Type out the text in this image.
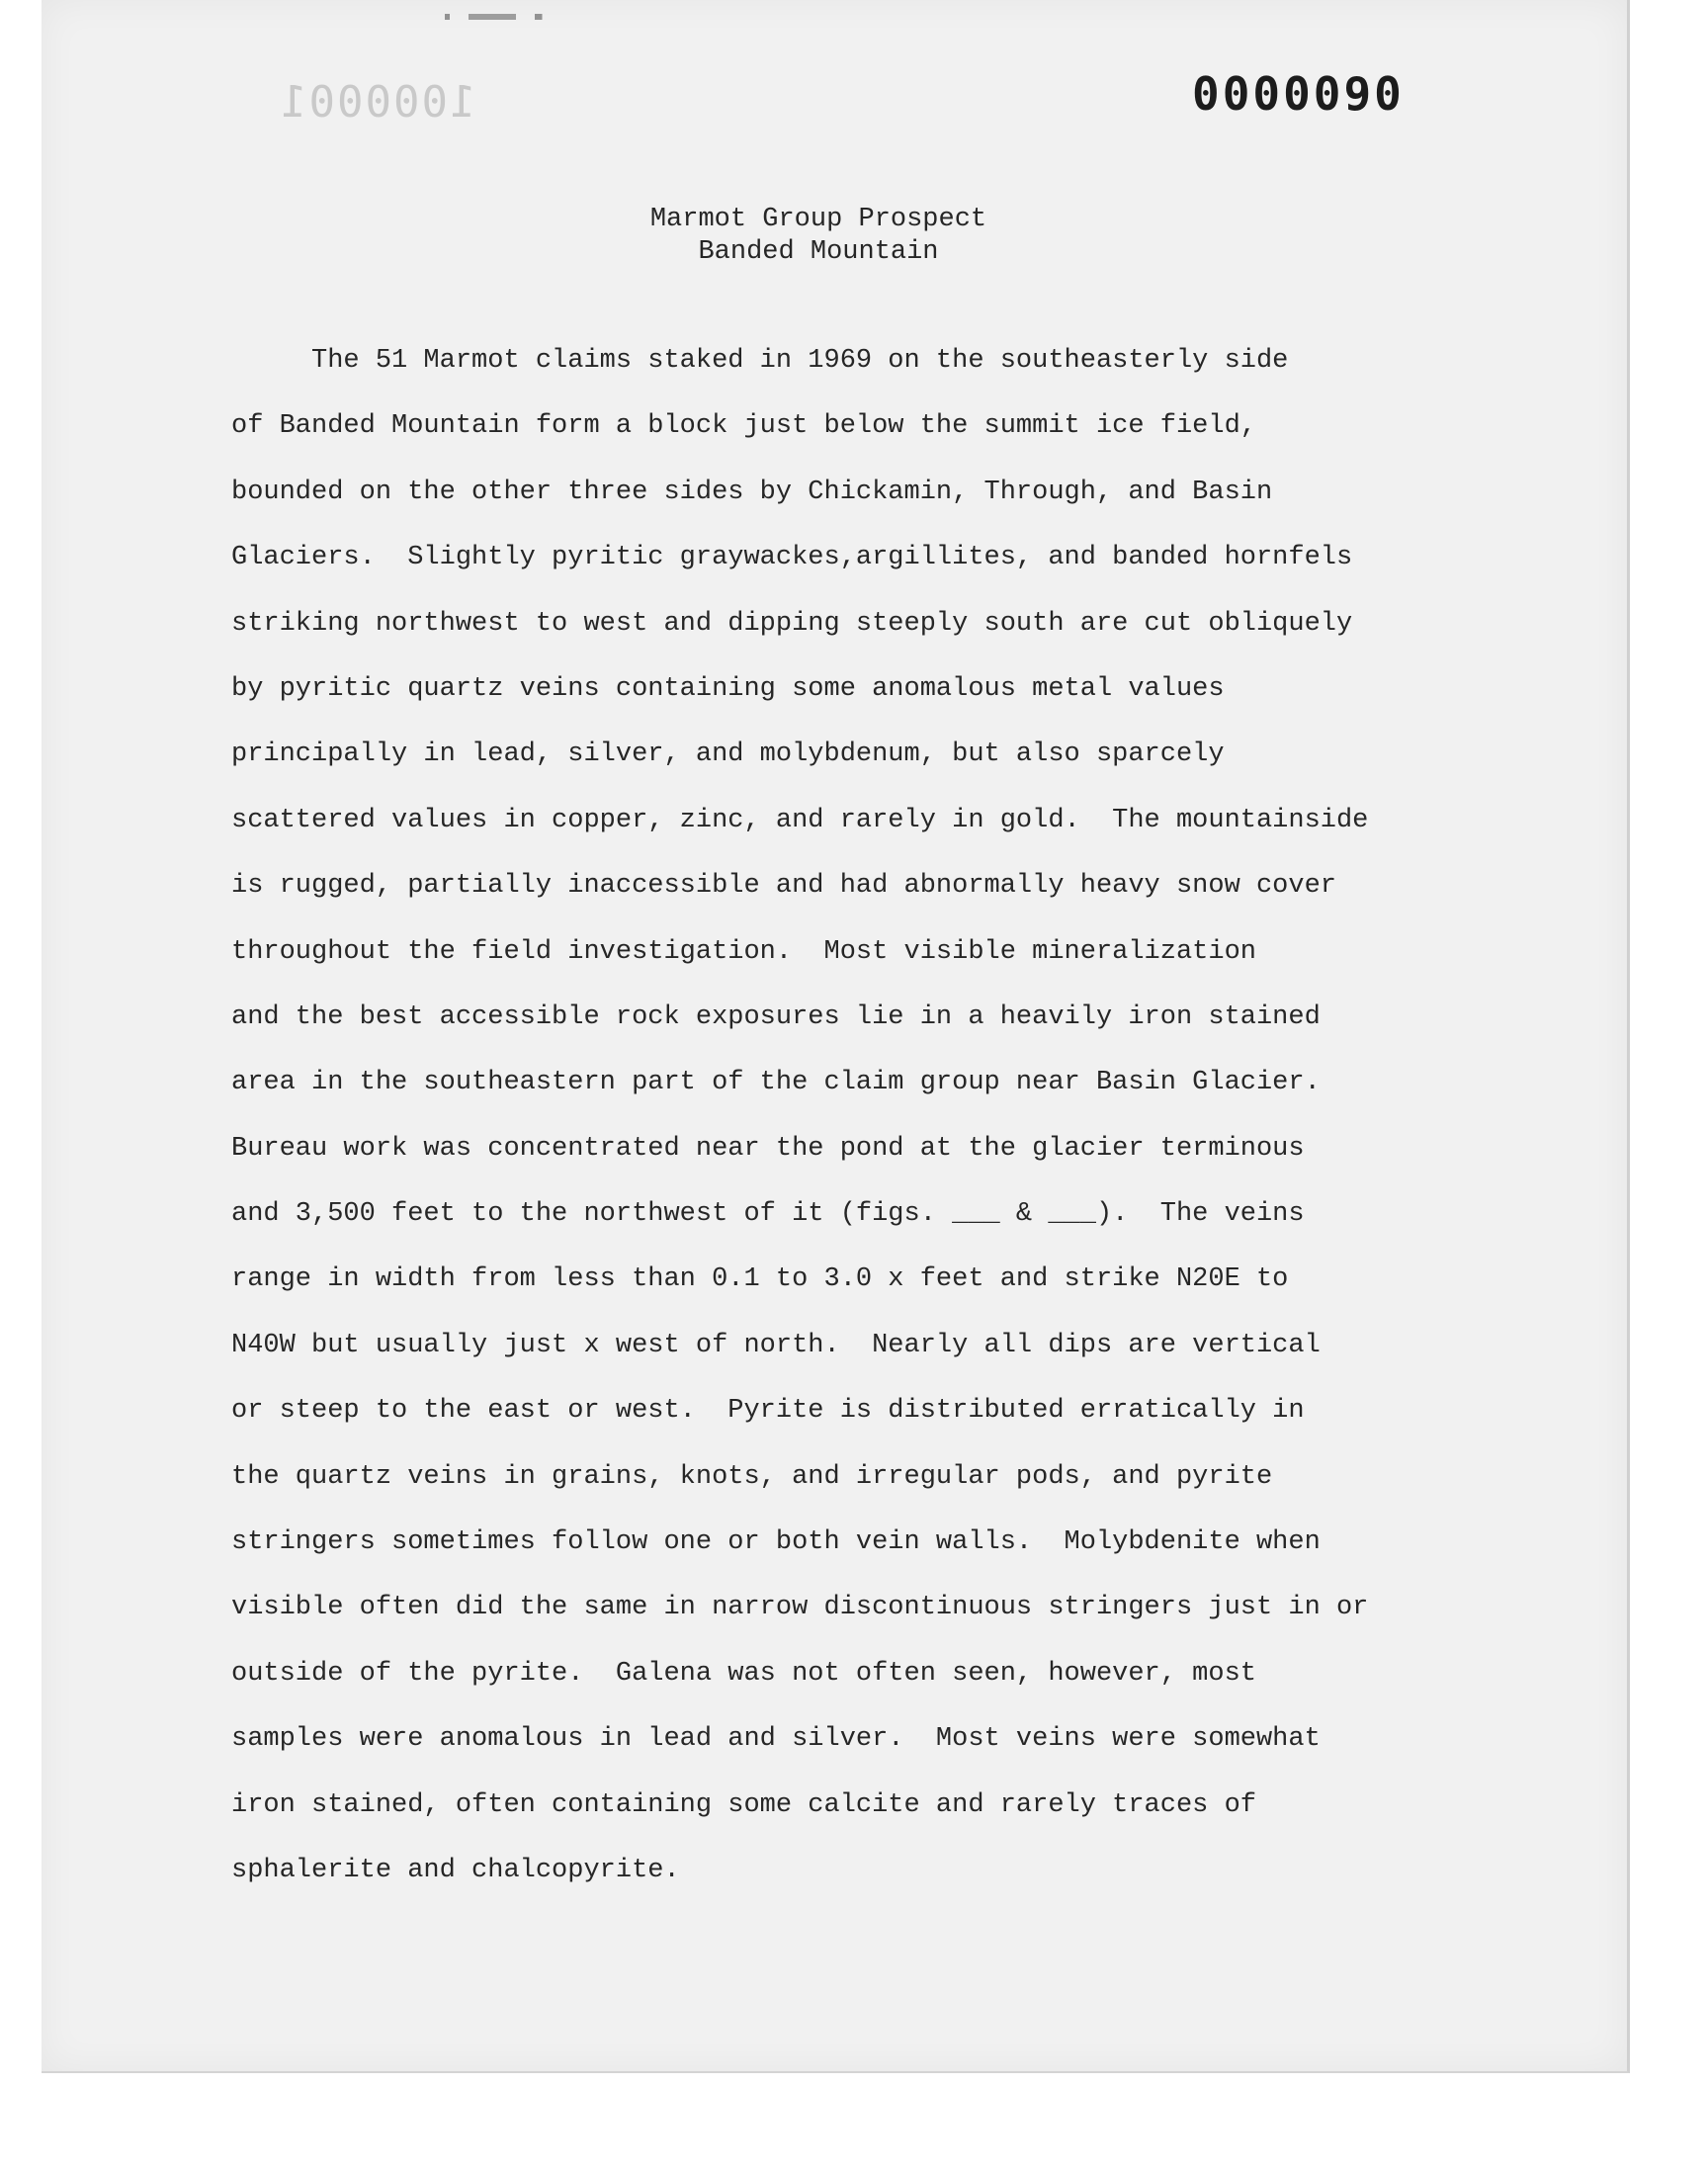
1000001	0000090

Marmot Group Prospect

Banded Mountain

The 51 Marmot claims staked in 1969 on the southeasterly side
of Banded Mountain form a block just below the summit ice field,
bounded on the other three sides by Chickamin, Through, and Basin
Glaciers.  Slightly pyritic graywackes,argillites, and banded hornfels
striking northwest to west and dipping steeply south are cut obliquely
by pyritic quartz veins containing some anomalous metal values
principally in lead, silver, and molybdenum, but also sparcely
scattered values in copper, zinc, and rarely in gold.  The mountainside
is rugged, partially inaccessible and had abnormally heavy snow cover
throughout the field investigation.  Most visible mineralization
and the best accessible rock exposures lie in a heavily iron stained
area in the southeastern part of the claim group near Basin Glacier.
Bureau work was concentrated near the pond at the glacier terminous
and 3,500 feet to the northwest of it (figs. ___ & ___).  The veins
range in width from less than 0.1 to 3.0 x feet and strike N20E to
N40W but usually just x west of north.  Nearly all dips are vertical
or steep to the east or west.  Pyrite is distributed erratically in
the quartz veins in grains, knots, and irregular pods, and pyrite
stringers sometimes follow one or both vein walls.  Molybdenite when
visible often did the same in narrow discontinuous stringers just in or
outside of the pyrite.  Galena was not often seen, however, most
samples were anomalous in lead and silver.  Most veins were somewhat
iron stained, often containing some calcite and rarely traces of
sphalerite and chalcopyrite.
